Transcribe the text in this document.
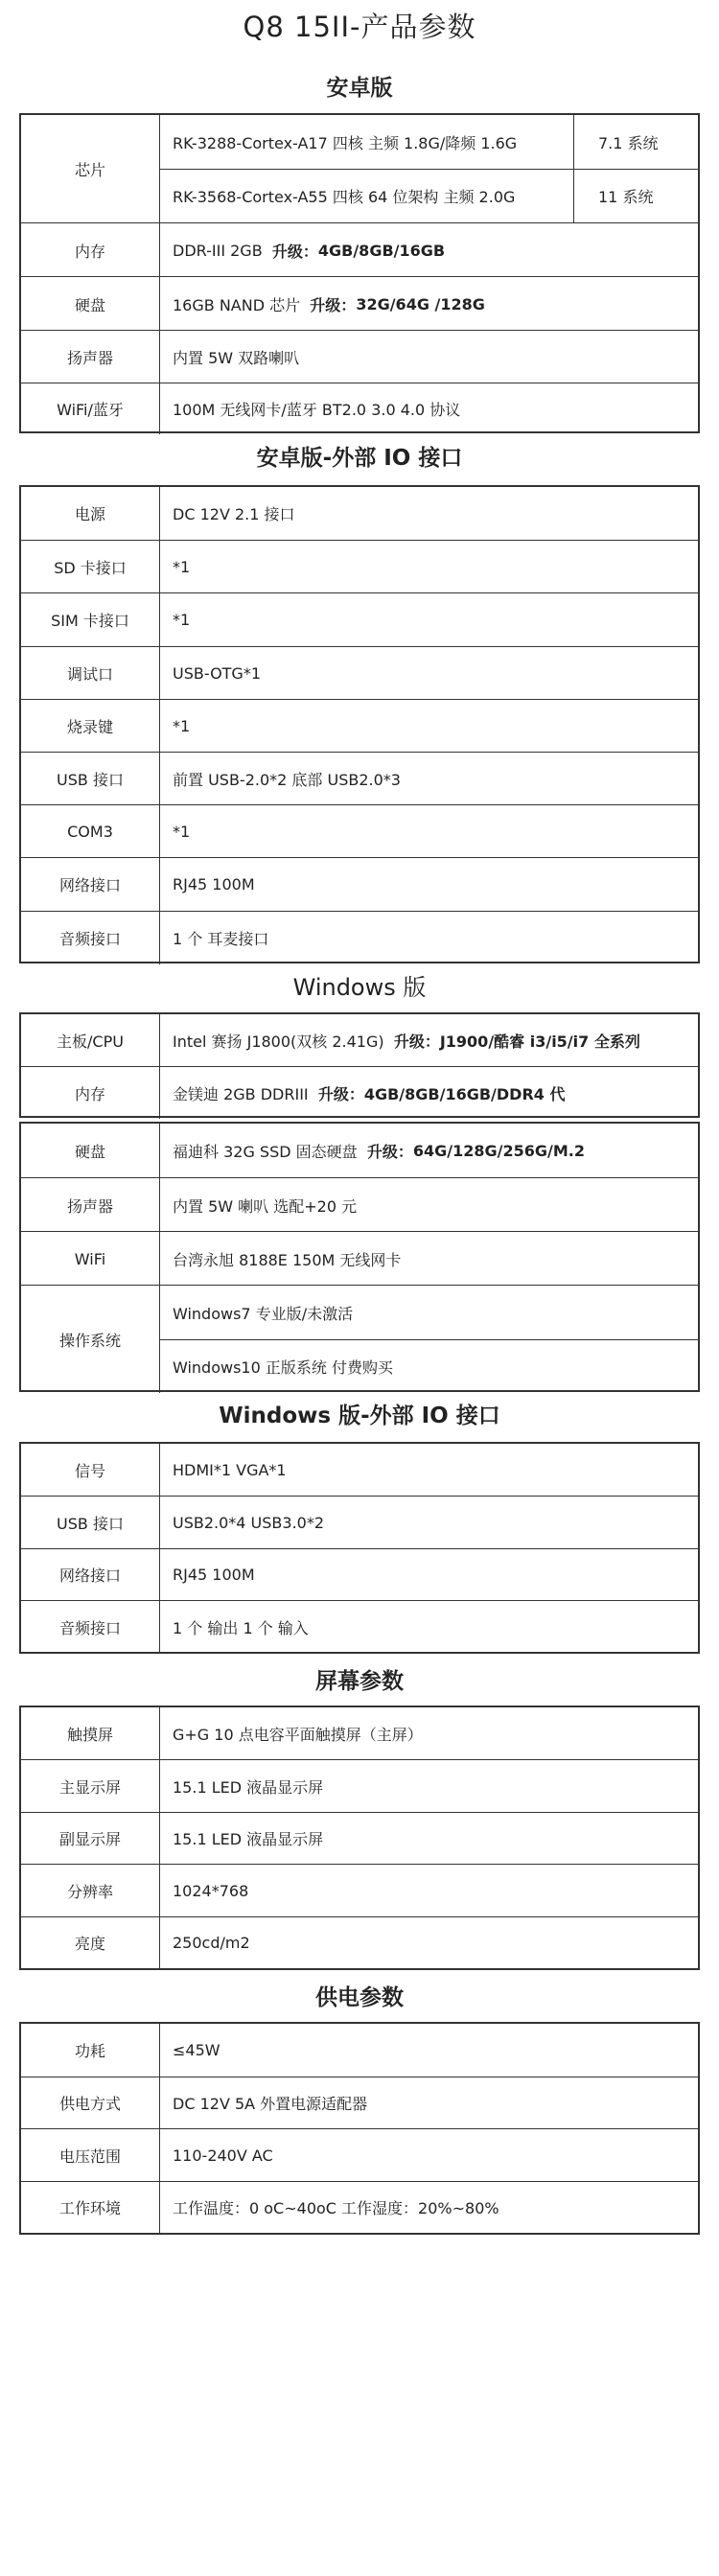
Q8 15II-产品参数
安卓版
芯片
RK-3288-Cortex-A17 四核 主频 1.8G/降频 1.6G	7.1 系统
RK-3568-Cortex-A55 四核 64 位架构 主频 2.0G	11 系统
内存	DDR-III 2GB
升级： 4GB/8GB/16GB
硬盘	16GB NAND 芯片
升级： 32G/64G /128G
扬声器	内置 5W 双路喇叭
WiFi/蓝牙	100M 无线网卡/蓝牙 BT2.0 3.0 4.0 协议
安卓版-外部 IO 接口
电源	DC 12V 2.1 接口
SD 卡接口	*1
SIM 卡接口	*1
调试口	USB-OTG*1
烧录键	*1
USB 接口	前置 USB-2.0*2 底部 USB2.0*3
COM3	*1
网络接口	RJ45 100M
音频接口	1 个 耳麦接口
Windows 版
主板/CPU	Intel 赛扬 J1800(双核 2.41G)
升级： J1900/酷睿 i3/i5/i7 全系列
内存	金镁迪 2GB DDRIII
升级： 4GB/8GB/16GB/DDR4 代
硬盘	福迪科 32G SSD 固态硬盘
升级： 64G/128G/256G/M.2
扬声器	内置 5W 喇叭 选配+20 元
WiFi	台湾永旭 8188E 150M 无线网卡
操作系统
Windows7 专业版/未激活
Windows10 正版系统 付费购买
Windows 版-外部 IO 接口
信号	HDMI*1 VGA*1
USB 接口	USB2.0*4 USB3.0*2
网络接口	RJ45 100M
音频接口	1 个 输出 1 个 输入
屏幕参数
触摸屏	G+G 10 点电容平面触摸屏（主屏）
主显示屏	15.1 LED 液晶显示屏
副显示屏	15.1 LED 液晶显示屏
分辨率	1024*768
亮度	250cd/m2
供电参数
功耗	≤45W
供电方式	DC 12V 5A 外置电源适配器
电压范围	110-240V AC
工作环境	工作温度：0 oC~40oC 工作湿度：20%~80%
